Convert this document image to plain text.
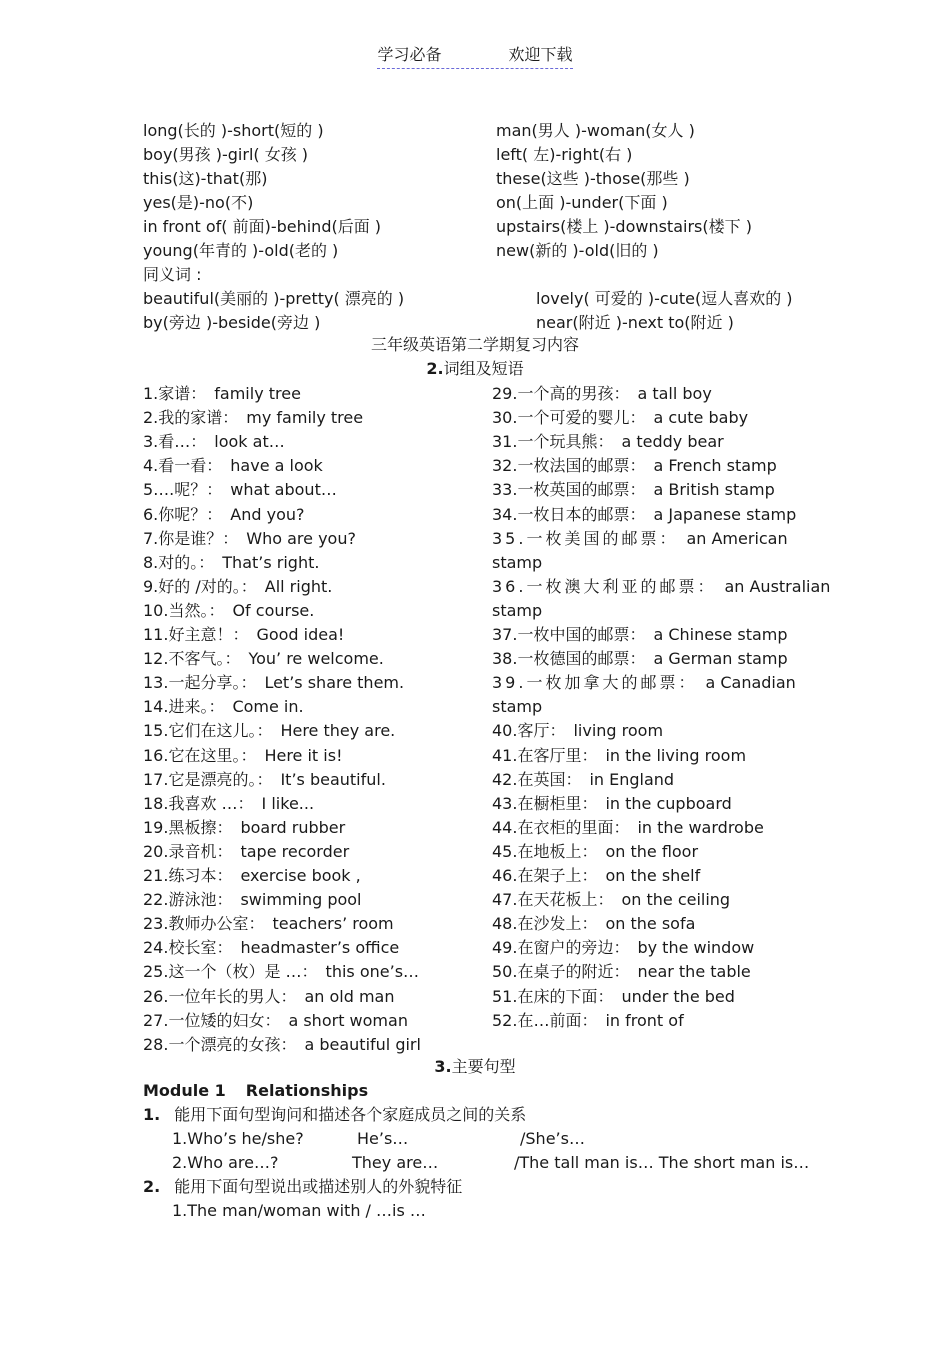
学习必备	欢迎下载
long(长的 )-short(短的 )	man(男人 )-woman(女人 )
boy(男孩 )-girl( 女孩 )	left( 左)-right(右 )
this(这)-that(那)	these(这些 )-those(那些 )
yes(是)-no(不)	on(上面 )-under(下面 )
in front of( 前面)-behind(后面 )	upstairs(楼上 )-downstairs(楼下 )
young(年青的 )-old(老的 )	new(新的 )-old(旧的 )
同义词 :
beautiful(美丽的 )-pretty( 漂亮的 )	lovely( 可爱的 )-cute(逗人喜欢的 )
by(旁边 )-beside(旁边 )	near(附近 )-next to(附近 )
三年级英语第二学期复习内容
2.词组及短语
1.家谱： family tree
2.我的家谱： my family tree
3.看…： look at…
4.看一看： have a look
5….呢？： what about…
6.你呢？： And you?
7.你是谁？： Who are you?
8.对的。： That’s right.
9.好的 /对的。： All right.
10.当然。： Of course.
11.好主意！： Good idea!
12.不客气。： You’ re welcome.
13.一起分享。： Let’s share them.
14.进来。： Come in.
15.它们在这儿。： Here they are.
16.它在这里。： Here it is!
17.它是漂亮的。： It’s beautiful.
18.我喜欢 …： I like...
19.黑板擦： board rubber
20.录音机： tape recorder
21.练习本： exercise book ,
22.游泳池： swimming pool
23.教师办公室： teachers’ room
24.校长室： headmaster’s office
25.这一个（枚）是 …： this one’s…
26.一位年长的男人： an old man
27.一位矮的妇女： a short woman
28.一个漂亮的女孩： a beautiful girl
29.一个高的男孩： a tall boy
30.一个可爱的婴儿： a cute baby
31.一个玩具熊： a teddy bear
32.一枚法国的邮票： a French stamp
33.一枚英国的邮票： a British stamp
34.一枚日本的邮票： a Japanese stamp
35.一枚美国的邮票： an American
stamp
36.一枚澳大利亚的邮票： an Australian
stamp
37.一枚中国的邮票： a Chinese stamp
38.一枚德国的邮票： a German stamp
39.一枚加拿大的邮票： a Canadian
stamp
40.客厅： living room
41.在客厅里： in the living room
42.在英国： in England
43.在橱柜里： in the cupboard
44.在衣柜的里面： in the wardrobe
45.在地板上： on the floor
46.在架子上： on the shelf
47.在天花板上： on the ceiling
48.在沙发上： on the sofa
49.在窗户的旁边： by the window
50.在桌子的附近： near the table
51.在床的下面： under the bed
52.在…前面： in front of
3.主要句型
Module 1 Relationships
1. 能用下面句型询问和描述各个家庭成员之间的关系
1.Who’s he/she?	He’s…	/She’s…
2.Who are…?	They are…	/The tall man is… The short man is…
2. 能用下面句型说出或描述别人的外貌特征
1.The man/woman with / …is …
